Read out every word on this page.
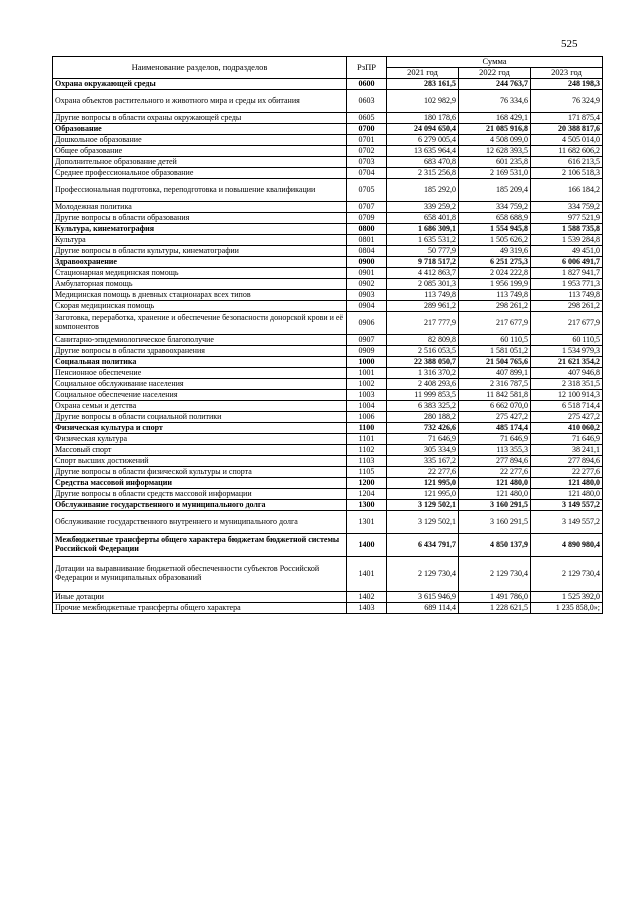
525
Наименование разделов, подразделов	РзПР	Сумма		
		2021 год	2022 год	2023 год
Охрана окружающей среды	0600	283 161,5	244 763,7	248 198,3
Охрана объектов растительного и животного мира и среды их обитания	0603	102 982,9	76 334,6	76 324,9
Другие вопросы в области охраны окружающей среды	0605	180 178,6	168 429,1	171 875,4
Образование	0700	24 094 650,4	21 085 916,8	20 388 817,6
Дошкольное образование	0701	6 279 005,4	4 508 099,0	4 505 014,0
Общее образование	0702	13 635 964,4	12 628 393,5	11 682 606,2
Дополнительное образование детей	0703	683 470,8	601 235,8	616 213,5
Среднее профессиональное образование	0704	2 315 256,8	2 169 531,0	2 106 518,3
Профессиональная подготовка, переподготовка и повышение квалификации	0705	185 292,0	185 209,4	166 184,2
Молодежная политика	0707	339 259,2	334 759,2	334 759,2
Другие вопросы в области образования	0709	658 401,8	658 688,9	977 521,9
Культура, кинематография	0800	1 686 309,1	1 554 945,8	1 588 735,8
Культура	0801	1 635 531,2	1 505 626,2	1 539 284,8
Другие вопросы в области культуры, кинематографии	0804	50 777,9	49 319,6	49 451,0
Здравоохранение	0900	9 718 517,2	6 251 275,3	6 006 491,7
Стационарная медицинская помощь	0901	4 412 863,7	2 024 222,8	1 827 941,7
Амбулаторная помощь	0902	2 085 301,3	1 956 199,9	1 953 771,3
Медицинская помощь в дневных стационарах всех типов	0903	113 749,8	113 749,8	113 749,8
Скорая медицинская помощь	0904	289 961,2	298 261,2	298 261,2
Заготовка, переработка, хранение и обеспечение безопасности донорской крови и её компонентов	0906	217 777,9	217 677,9	217 677,9
Санитарно-эпидемиологическое благополучие	0907	82 809,8	60 110,5	60 110,5
Другие вопросы в области здравоохранения	0909	2 516 053,5	1 581 051,2	1 534 979,3
Социальная политика	1000	22 388 050,7	21 504 765,6	21 621 354,2
Пенсионное обеспечение	1001	1 316 370,2	407 899,1	407 946,8
Социальное обслуживание населения	1002	2 408 293,6	2 316 787,5	2 318 351,5
Социальное обеспечение населения	1003	11 999 853,5	11 842 581,8	12 100 914,3
Охрана семьи и детства	1004	6 383 325,2	6 662 070,0	6 518 714,4
Другие вопросы в области социальной политики	1006	280 188,2	275 427,2	275 427,2
Физическая культура и спорт	1100	732 426,6	485 174,4	410 060,2
Физическая культура	1101	71 646,9	71 646,9	71 646,9
Массовый спорт	1102	305 334,9	113 355,3	38 241,1
Спорт высших достижений	1103	335 167,2	277 894,6	277 894,6
Другие вопросы в области физической культуры и спорта	1105	22 277,6	22 277,6	22 277,6
Средства массовой информации	1200	121 995,0	121 480,0	121 480,0
Другие вопросы в области средств массовой информации	1204	121 995,0	121 480,0	121 480,0
Обслуживание государственного и муниципального долга	1300	3 129 502,1	3 160 291,5	3 149 557,2
Обслуживание государственного внутреннего и муниципального долга	1301	3 129 502,1	3 160 291,5	3 149 557,2
Межбюджетные трансферты общего характера бюджетам бюджетной системы Российской Федерации	1400	6 434 791,7	4 850 137,9	4 890 980,4
Дотации на выравнивание бюджетной обеспеченности субъектов Российской Федерации и муниципальных образований	1401	2 129 730,4	2 129 730,4	2 129 730,4
Иные дотации	1402	3 615 946,9	1 491 786,0	1 525 392,0
Прочие межбюджетные трансферты общего характера	1403	689 114,4	1 228 621,5	1 235 858,0»;
